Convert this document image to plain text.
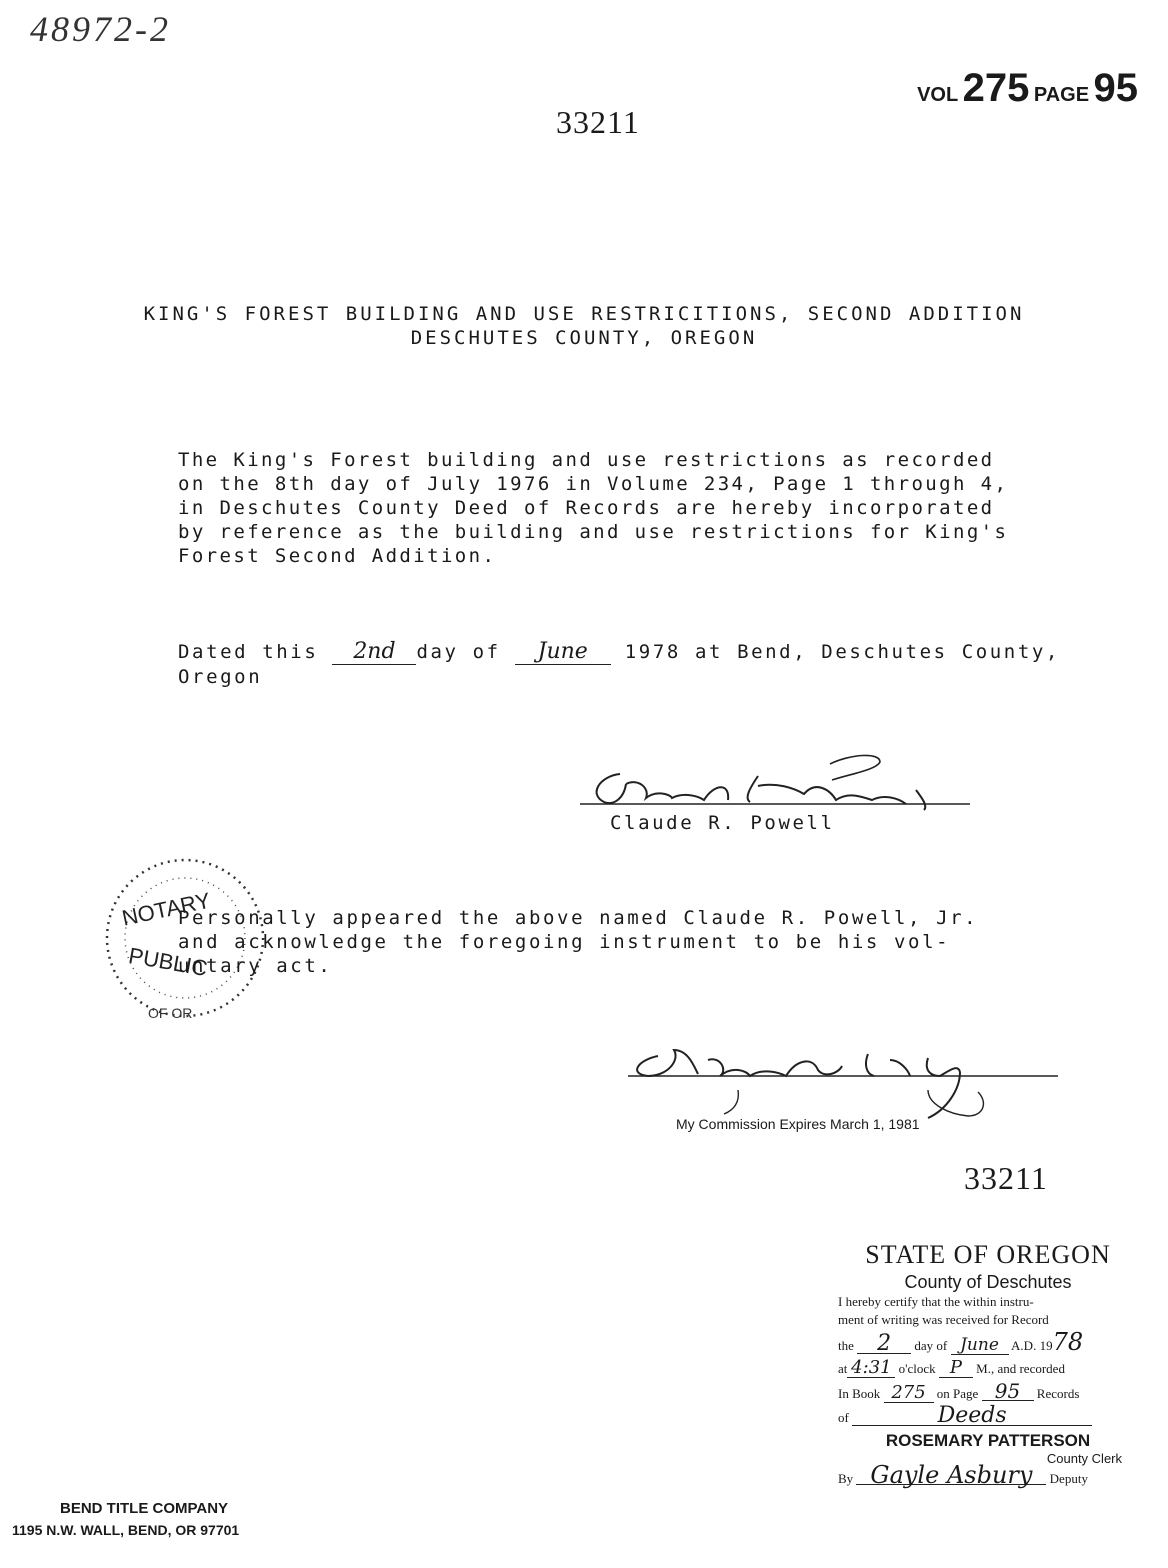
48972-2
VOL 275 PAGE 95
33211
KING'S FOREST BUILDING AND USE RESTRICITIONS, SECOND ADDITION
DESCHUTES COUNTY, OREGON
The King's Forest building and use restrictions as recorded
on the 8th day of July 1976 in Volume 234, Page 1 through 4,
in Deschutes County Deed of Records are hereby incorporated
by reference as the building and use restrictions for King's
Forest Second Addition.
Dated this 2nd day of June 1978 at Bend, Deschutes County,
Oregon
Claude R. Powell
NOTARY
PUBLIC
OF OR
Personally appeared the above named Claude R. Powell, Jr.
and acknowledge the foregoing instrument to be his vol-
untary act.
My Commission Expires March 1, 1981
33211
STATE OF OREGON
County of Deschutes
I hereby certify that the within instru-
ment of writing was received for Record
the 2 day of June A.D. 1978
at 4:31 o'clock P M., and recorded
In Book 275 on Page 95 Records
of	Deeds
ROSEMARY PATTERSON
County Clerk
By Gayle Asbury Deputy
BEND TITLE COMPANY
1195 N.W. WALL, BEND, OR 97701
